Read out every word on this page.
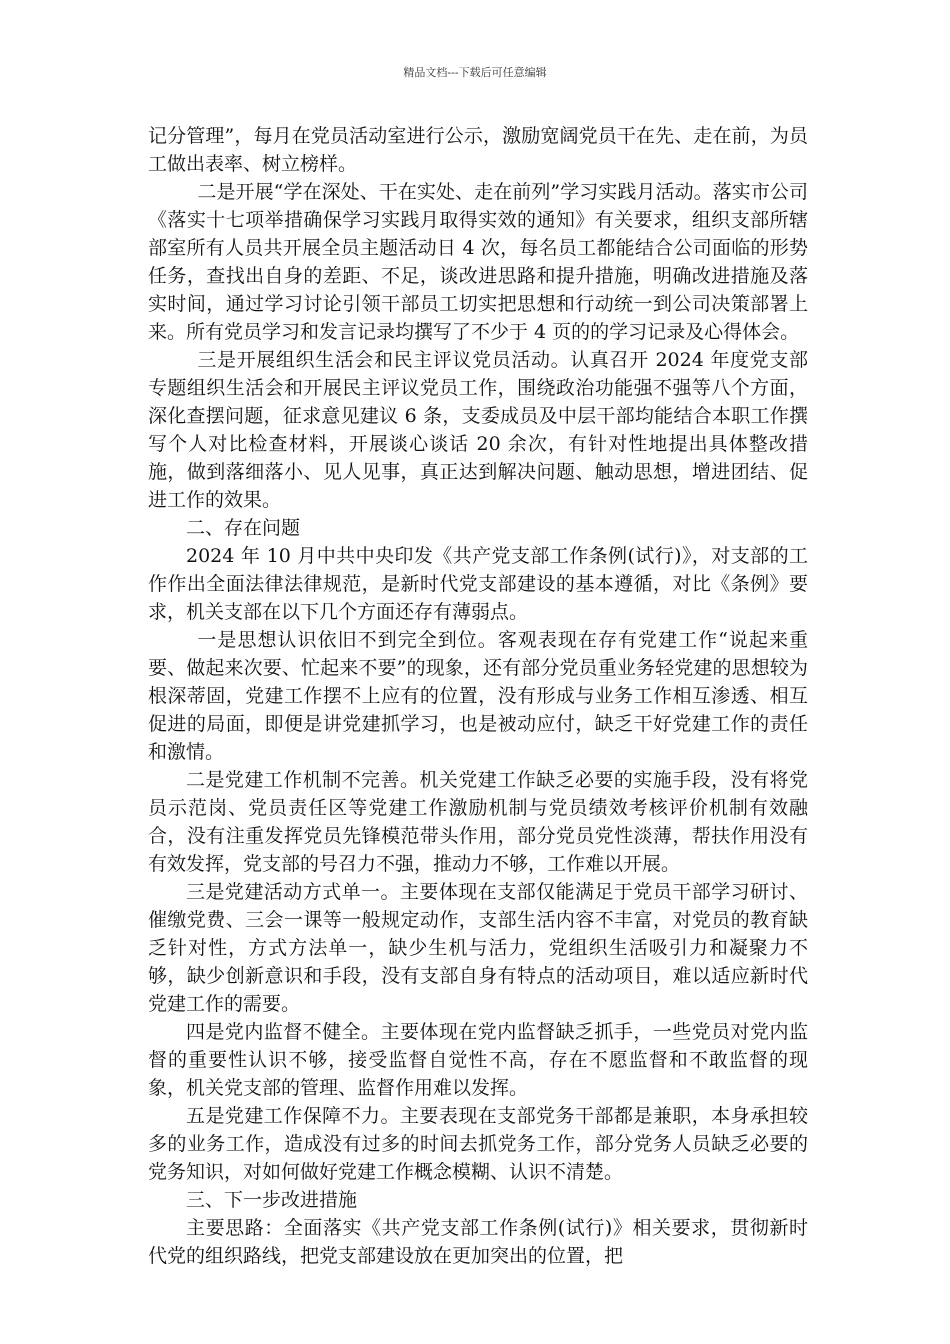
精品文档---下载后可任意编辑

记分管理”，每月在党员活动室进行公示，激励宽阔党员干在先、走在前，为员工做出表率、树立榜样。

二是开展“学在深处、干在实处、走在前列”学习实践月活动。落实市公司《落实十七项举措确保学习实践月取得实效的通知》有关要求，组织支部所辖部室所有人员共开展全员主题活动日 4 次，每名员工都能结合公司面临的形势任务，查找出自身的差距、不足，谈改进思路和提升措施，明确改进措施及落实时间，通过学习讨论引领干部员工切实把思想和行动统一到公司决策部署上来。所有党员学习和发言记录均撰写了不少于 4 页的的学习记录及心得体会。

三是开展组织生活会和民主评议党员活动。认真召开 2024 年度党支部专题组织生活会和开展民主评议党员工作，围绕政治功能强不强等八个方面，深化查摆问题，征求意见建议 6 条，支委成员及中层干部均能结合本职工作撰写个人对比检查材料，开展谈心谈话 20 余次，有针对性地提出具体整改措施，做到落细落小、见人见事，真正达到解决问题、触动思想，增进团结、促进工作的效果。

二、存在问题

2024 年 10 月中共中央印发《共产党支部工作条例(试行)》，对支部的工作作出全面法律法律规范，是新时代党支部建设的基本遵循，对比《条例》要求，机关支部在以下几个方面还存有薄弱点。

一是思想认识依旧不到完全到位。客观表现在存有党建工作“说起来重要、做起来次要、忙起来不要”的现象，还有部分党员重业务轻党建的思想较为根深蒂固，党建工作摆不上应有的位置，没有形成与业务工作相互渗透、相互促进的局面，即便是讲党建抓学习，也是被动应付，缺乏干好党建工作的责任和激情。

二是党建工作机制不完善。机关党建工作缺乏必要的实施手段，没有将党员示范岗、党员责任区等党建工作激励机制与党员绩效考核评价机制有效融合，没有注重发挥党员先锋模范带头作用，部分党员党性淡薄，帮扶作用没有有效发挥，党支部的号召力不强，推动力不够，工作难以开展。

三是党建活动方式单一。主要体现在支部仅能满足于党员干部学习研讨、催缴党费、三会一课等一般规定动作，支部生活内容不丰富，对党员的教育缺乏针对性，方式方法单一，缺少生机与活力，党组织生活吸引力和凝聚力不够，缺少创新意识和手段，没有支部自身有特点的活动项目，难以适应新时代党建工作的需要。

四是党内监督不健全。主要体现在党内监督缺乏抓手，一些党员对党内监督的重要性认识不够，接受监督自觉性不高，存在不愿监督和不敢监督的现象，机关党支部的管理、监督作用难以发挥。

五是党建工作保障不力。主要表现在支部党务干部都是兼职，本身承担较多的业务工作，造成没有过多的时间去抓党务工作，部分党务人员缺乏必要的党务知识，对如何做好党建工作概念模糊、认识不清楚。

三、下一步改进措施

主要思路：全面落实《共产党支部工作条例(试行)》相关要求，贯彻新时代党的组织路线，把党支部建设放在更加突出的位置，把
